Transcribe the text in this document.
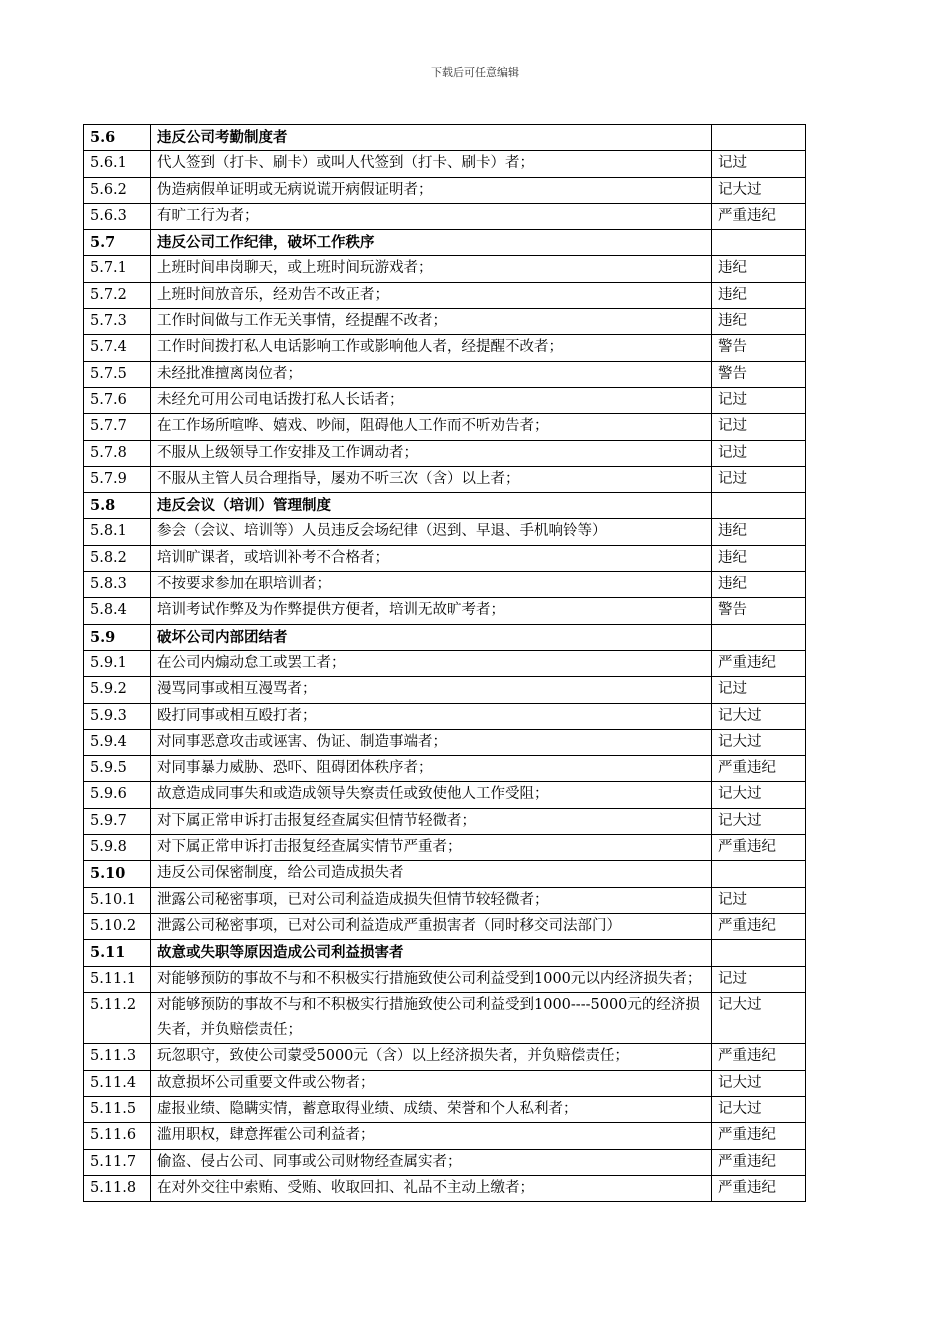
下载后可任意编辑
5.6	违反公司考勤制度者	
5.6.1	代人签到（打卡、刷卡）或叫人代签到（打卡、刷卡）者；	记过
5.6.2	伪造病假单证明或无病说谎开病假证明者；	记大过
5.6.3	有旷工行为者；	严重违纪
5.7	违反公司工作纪律，破坏工作秩序	
5.7.1	上班时间串岗聊天，或上班时间玩游戏者；	违纪
5.7.2	上班时间放音乐，经劝告不改正者；	违纪
5.7.3	工作时间做与工作无关事情，经提醒不改者；	违纪
5.7.4	工作时间拨打私人电话影响工作或影响他人者，经提醒不改者；	警告
5.7.5	未经批准擅离岗位者；	警告
5.7.6	未经允可用公司电话拨打私人长话者；	记过
5.7.7	在工作场所喧哗、嬉戏、吵闹，阻碍他人工作而不听劝告者；	记过
5.7.8	不服从上级领导工作安排及工作调动者；	记过
5.7.9	不服从主管人员合理指导，屡劝不听三次（含）以上者；	记过
5.8	违反会议（培训）管理制度	
5.8.1	参会（会议、培训等）人员违反会场纪律（迟到、早退、手机响铃等）	违纪
5.8.2	培训旷课者，或培训补考不合格者；	违纪
5.8.3	不按要求参加在职培训者；	违纪
5.8.4	培训考试作弊及为作弊提供方便者，培训无故旷考者；	警告
5.9	破坏公司内部团结者	
5.9.1	在公司内煽动怠工或罢工者；	严重违纪
5.9.2	漫骂同事或相互漫骂者；	记过
5.9.3	殴打同事或相互殴打者；	记大过
5.9.4	对同事恶意攻击或诬害、伪证、制造事端者；	记大过
5.9.5	对同事暴力威胁、恐吓、阻碍团体秩序者；	严重违纪
5.9.6	故意造成同事失和或造成领导失察责任或致使他人工作受阻；	记大过
5.9.7	对下属正常申诉打击报复经查属实但情节轻微者；	记大过
5.9.8	对下属正常申诉打击报复经查属实情节严重者；	严重违纪
5.10	违反公司保密制度，给公司造成损失者	
5.10.1	泄露公司秘密事项，已对公司利益造成损失但情节较轻微者；	记过
5.10.2	泄露公司秘密事项，已对公司利益造成严重损害者（同时移交司法部门）	严重违纪
5.11	故意或失职等原因造成公司利益损害者	
5.11.1	对能够预防的事故不与和不积极实行措施致使公司利益受到1000元以内经济损失者；	记过
5.11.2	对能够预防的事故不与和不积极实行措施致使公司利益受到1000----5000元的经济损失者，并负赔偿责任；	记大过
5.11.3	玩忽职守，致使公司蒙受5000元（含）以上经济损失者，并负赔偿责任；	严重违纪
5.11.4	故意损坏公司重要文件或公物者；	记大过
5.11.5	虚报业绩、隐瞒实情，蓄意取得业绩、成绩、荣誉和个人私利者；	记大过
5.11.6	滥用职权，肆意挥霍公司利益者；	严重违纪
5.11.7	偷盗、侵占公司、同事或公司财物经查属实者；	严重违纪
5.11.8	在对外交往中索贿、受贿、收取回扣、礼品不主动上缴者；	严重违纪
